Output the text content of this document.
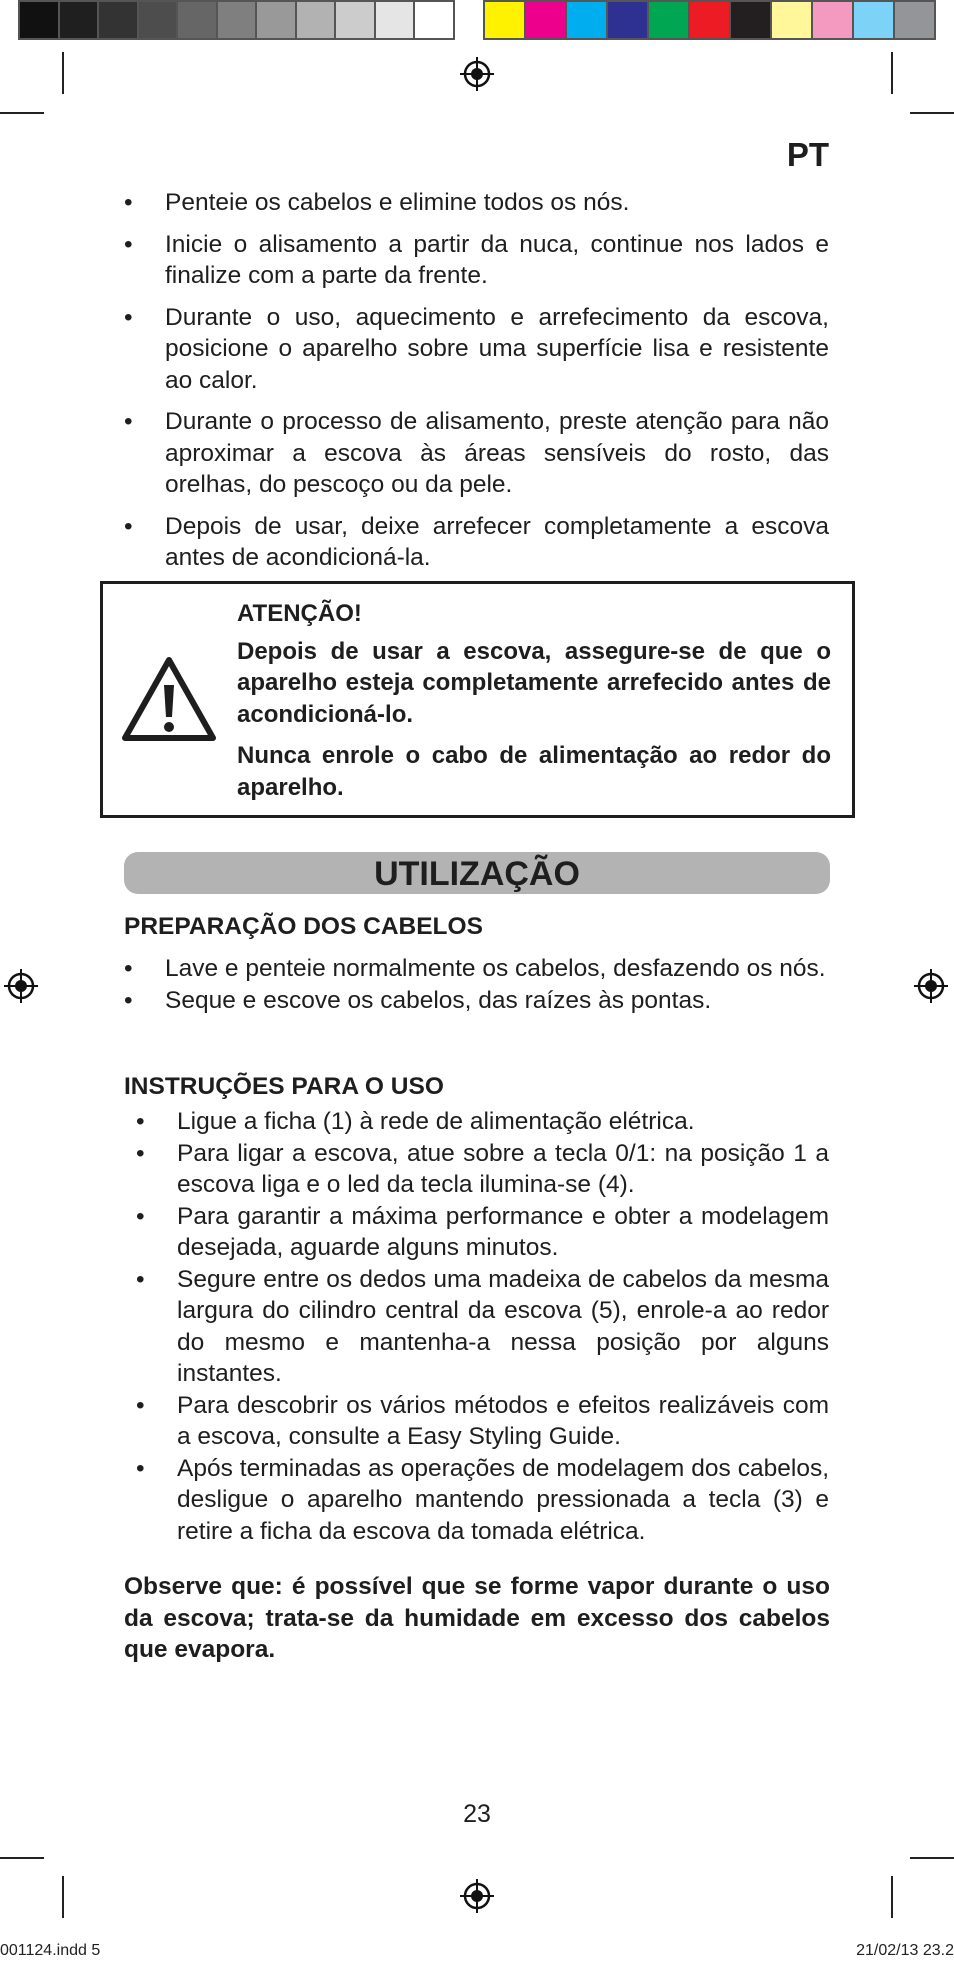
PT
• Penteie os cabelos e elimine todos os nós.
• Inicie o alisamento a partir da nuca, continue nos lados e finalize com a parte da frente.
• Durante o uso, aquecimento e arrefecimento da escova, posicione o aparelho sobre uma superfície lisa e resistente ao calor.
• Durante o processo de alisamento, preste atenção para não aproximar a escova às áreas sensíveis do rosto, das orelhas, do pescoço ou da pele.
• Depois de usar, deixe arrefecer completamente a escova antes de acondicioná-la.

ATENÇÃO!

Depois de usar a escova, assegure-se de que o aparelho esteja completamente arrefecido antes de acondicioná-lo.

Nunca enrole o cabo de alimentação ao redor do aparelho.

UTILIZAÇÃO
PREPARAÇÃO DOS CABELOS
• Lave e penteie normalmente os cabelos, desfazendo os nós.
• Seque e escove os cabelos, das raízes às pontas.
INSTRUÇÕES PARA O USO
• Ligue a ficha (1) à rede de alimentação elétrica.
• Para ligar a escova, atue sobre a tecla 0/1: na posição 1 a escova liga e o led da tecla ilumina-se (4).
• Para garantir a máxima performance e obter a modelagem desejada, aguarde alguns minutos.
• Segure entre os dedos uma madeixa de cabelos da mesma largura do cilindro central da escova (5), enrole-a ao redor do mesmo e mantenha-a nessa posição por alguns instantes.
• Para descobrir os vários métodos e efeitos realizáveis com a escova, consulte a Easy Styling Guide.
• Após terminadas as operações de modelagem dos cabelos, desligue o aparelho mantendo pressionada a tecla (3) e retire a ficha da escova da tomada elétrica.
Observe que: é possível que se forme vapor durante o uso da escova; trata-se da humidade em excesso dos cabelos que evapora.
23
001124.indd 5	21/02/13 23.2
